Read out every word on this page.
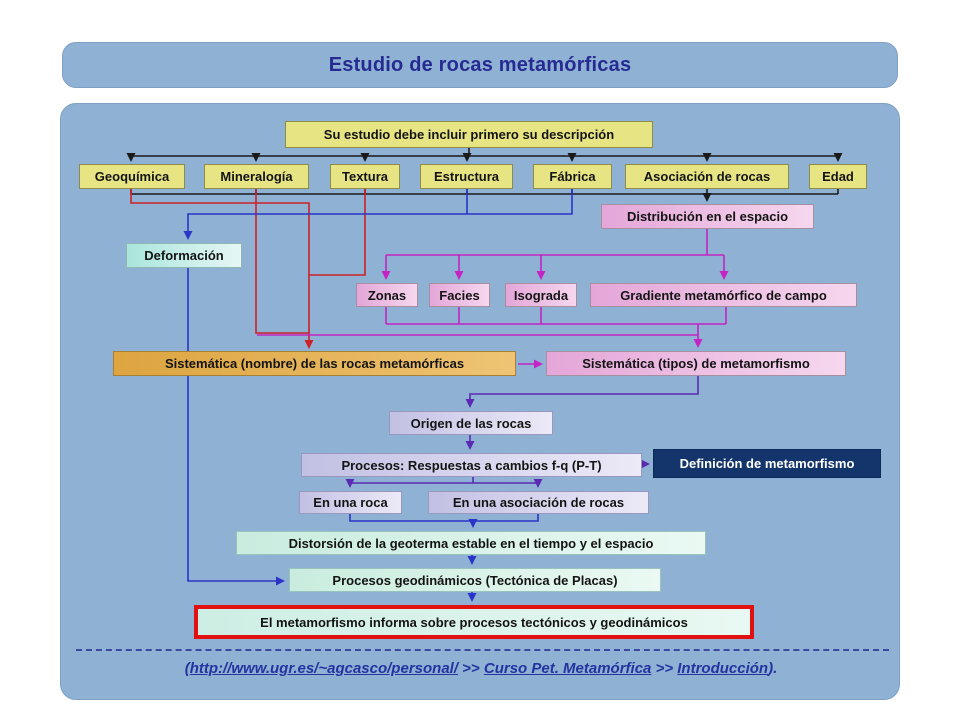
Estudio de rocas metamórficas
Su estudio debe incluir primero su descripción
Geoquímica	Mineralogía	Textura	Estructura	Fábrica	Asociación de rocas	Edad
Distribución en el espacio
Deformación
Zonas	Facies	Isograda	Gradiente metamórfico de campo
Sistemática (nombre) de las rocas metamórficas	Sistemática (tipos) de metamorfismo
Origen de las rocas
Procesos: Respuestas a cambios f-q (P-T)	Definición de metamorfismo
En una roca	En una asociación de rocas
Distorsión de la geoterma estable en el tiempo y el espacio
Procesos geodinámicos (Tectónica de Placas)
El metamorfismo informa sobre procesos tectónicos y geodinámicos
(http://www.ugr.es/~agcasco/personal/ >> Curso Pet. Metamórfica >> Introducción).
